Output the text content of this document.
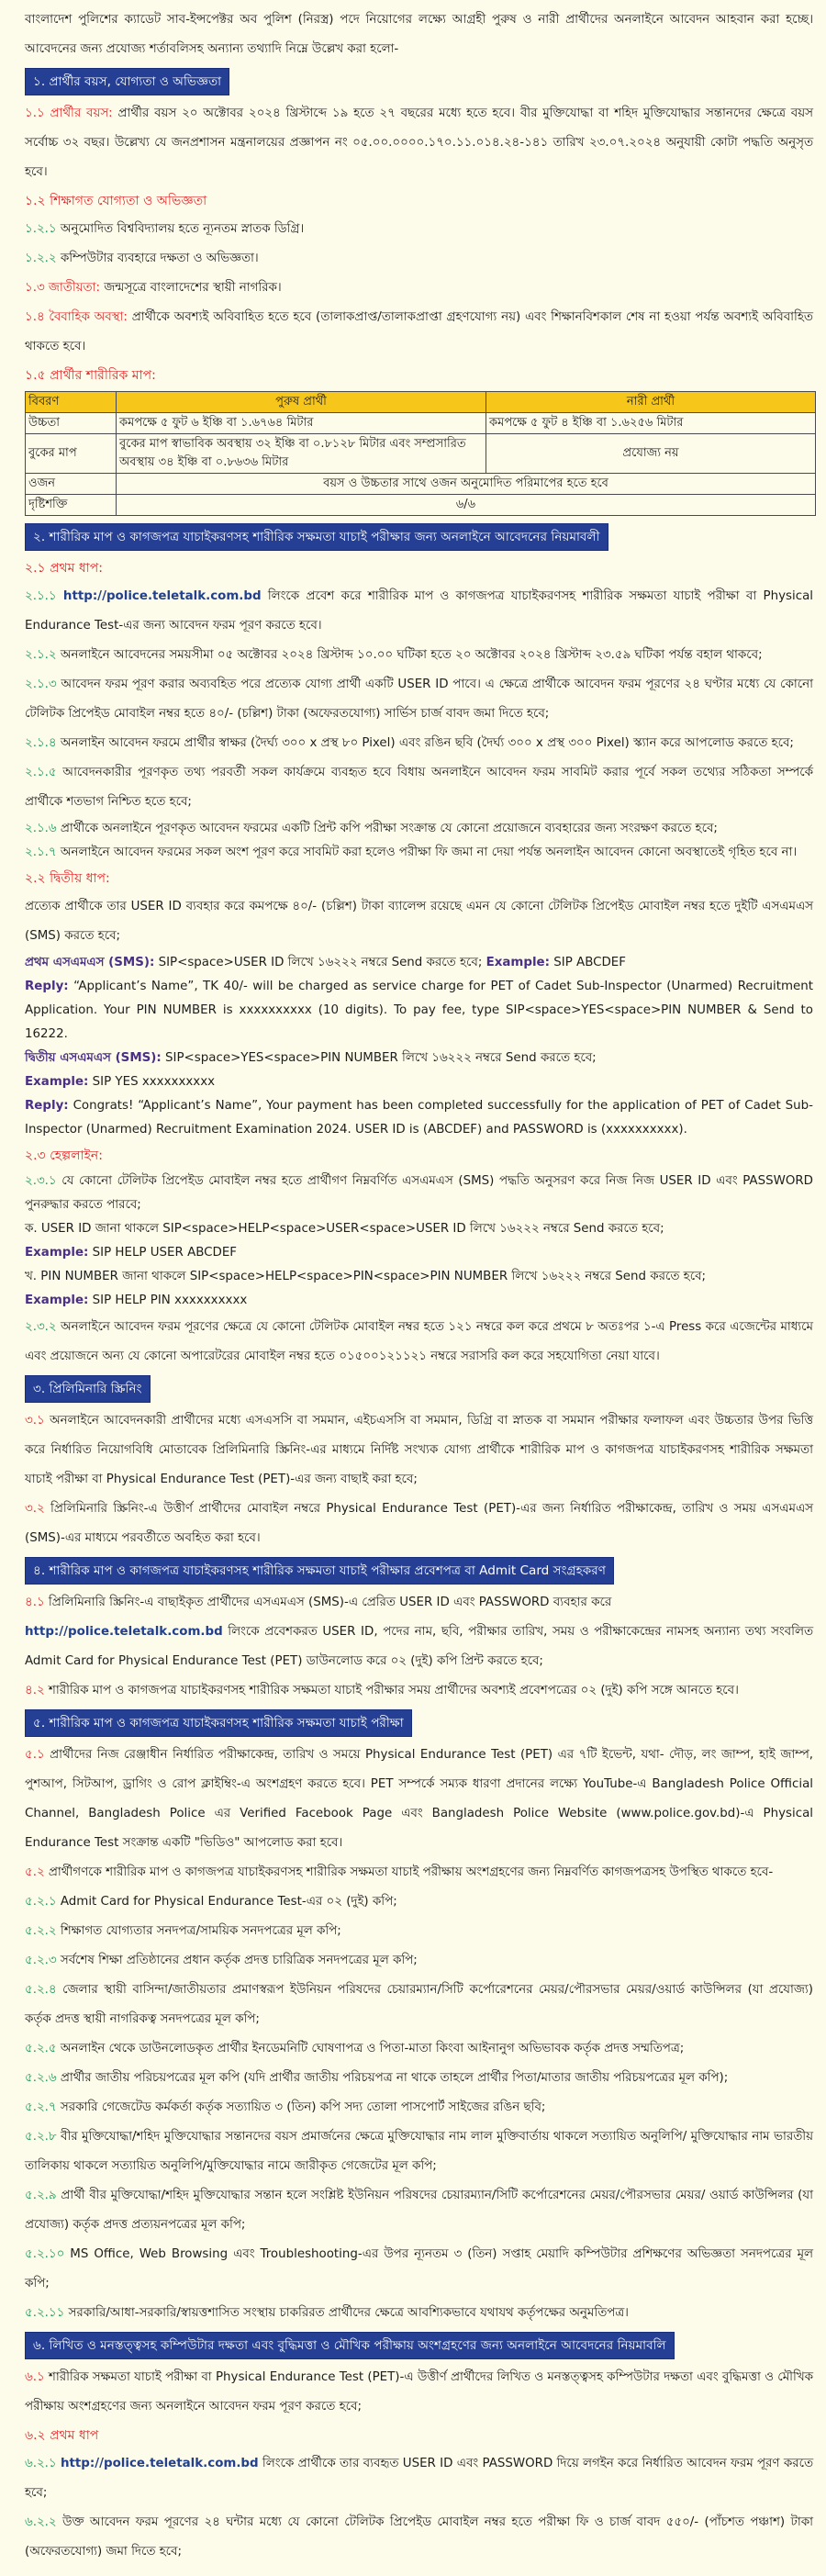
বাংলাদেশ পুলিশের ক্যাডেট সাব-ইন্সপেক্টর অব পুলিশ (নিরস্ত্র) পদে নিয়োগের লক্ষ্যে আগ্রহী পুরুষ ও নারী প্রার্থীদের অনলাইনে আবেদন আহবান করা হচ্ছে। আবেদনের জন্য প্রযোজ্য শর্তাবলিসহ অন্যান্য তথ্যাদি নিম্নে উল্লেখ করা হলো-

১. প্রার্থীর বয়স, যোগ্যতা ও অভিজ্ঞতা

১.১ প্রার্থীর বয়স: প্রার্থীর বয়স ২০ অক্টোবর ২০২৪ খ্রিস্টাব্দে ১৯ হতে ২৭ বছরের মধ্যে হতে হবে। বীর মুক্তিযোদ্ধা বা শহিদ মুক্তিযোদ্ধার সন্তানদের ক্ষেত্রে বয়স সর্বোচ্চ ৩২ বছর। উল্লেখ্য যে জনপ্রশাসন মন্ত্রনালয়ের প্রজ্ঞাপন নং ০৫.০০.০০০০.১৭০.১১.০১৪.২৪-১৪১ তারিখ ২৩.০৭.২০২৪ অনুযায়ী কোটা পদ্ধতি অনুসৃত হবে।

১.২ শিক্ষাগত যোগ্যতা ও অভিজ্ঞতা

১.২.১ অনুমোদিত বিশ্ববিদ্যালয় হতে ন্যূনতম স্নাতক ডিগ্রি।

১.২.২ কম্পিউটার ব্যবহারে দক্ষতা ও অভিজ্ঞতা।

১.৩ জাতীয়তা: জন্মসূত্রে বাংলাদেশের স্থায়ী নাগরিক।

১.৪ বৈবাহিক অবস্থা: প্রার্থীকে অবশ্যই অবিবাহিত হতে হবে (তালাকপ্রাপ্ত/তালাকপ্রাপ্তা গ্রহণযোগ্য নয়) এবং শিক্ষানবিশকাল শেষ না হওয়া পর্যন্ত অবশ্যই অবিবাহিত থাকতে হবে।

১.৫ প্রার্থীর শারীরিক মাপ:

বিবরণ	পুরুষ প্রার্থী	নারী প্রার্থী
উচ্চতা	কমপক্ষে ৫ ফুট ৬ ইঞ্চি বা ১.৬৭৬৪ মিটার	কমপক্ষে ৫ ফুট ৪ ইঞ্চি বা ১.৬২৫৬ মিটার
বুকের মাপ	বুকের মাপ স্বাভাবিক অবস্থায় ৩২ ইঞ্চি বা ০.৮১২৮ মিটার এবং সম্প্রসারিত অবস্থায় ৩৪ ইঞ্চি বা ০.৮৬৩৬ মিটার	প্রযোজ্য নয়
ওজন	বয়স ও উচ্চতার সাথে ওজন অনুমোদিত পরিমাপের হতে হবে	
দৃষ্টিশক্তি	৬/৬	
২. শারীরিক মাপ ও কাগজপত্র যাচাইকরণসহ শারীরিক সক্ষমতা যাচাই পরীক্ষার জন্য অনলাইনে আবেদনের নিয়মাবলী

২.১ প্রথম ধাপ:

২.১.১ http://police.teletalk.com.bd লিংকে প্রবেশ করে শারীরিক মাপ ও কাগজপত্র যাচাইকরণসহ শারীরিক সক্ষমতা যাচাই পরীক্ষা বা Physical Endurance Test-এর জন্য আবেদন ফরম পূরণ করতে হবে।

২.১.২ অনলাইনে আবেদনের সময়সীমা ০৫ অক্টোবর ২০২৪ খ্রিস্টাব্দ ১০.০০ ঘটিকা হতে ২০ অক্টোবর ২০২৪ খ্রিস্টাব্দ ২৩.৫৯ ঘটিকা পর্যন্ত বহাল থাকবে;

২.১.৩ আবেদন ফরম পূরণ করার অব্যবহিত পরে প্রত্যেক যোগ্য প্রার্থী একটি USER ID পাবে। এ ক্ষেত্রে প্রার্থীকে আবেদন ফরম পূরণের ২৪ ঘণ্টার মধ্যে যে কোনো টেলিটক প্রিপেইড মোবাইল নম্বর হতে ৪০/- (চল্লিশ) টাকা (অফেরতযোগ্য) সার্ভিস চার্জ বাবদ জমা দিতে হবে;

২.১.৪ অনলাইন আবেদন ফরমে প্রার্থীর স্বাক্ষর (দৈর্ঘ্য ৩০০ x প্রস্থ ৮০ Pixel) এবং রঙিন ছবি (দৈর্ঘ্য ৩০০ x প্রস্থ ৩০০ Pixel) স্ক্যান করে আপলোড করতে হবে;

২.১.৫ আবেদনকারীর পূরণকৃত তথ্য পরবর্তী সকল কার্যক্রমে ব্যবহৃত হবে বিধায় অনলাইনে আবেদন ফরম সাবমিট করার পূর্বে সকল তথ্যের সঠিকতা সম্পর্কে প্রার্থীকে শতভাগ নিশ্চিত হতে হবে;

২.১.৬ প্রার্থীকে অনলাইনে পূরণকৃত আবেদন ফরমের একটি প্রিন্ট কপি পরীক্ষা সংক্রান্ত যে কোনো প্রয়োজনে ব্যবহারের জন্য সংরক্ষণ করতে হবে;

২.১.৭ অনলাইনে আবেদন ফরমের সকল অংশ পূরণ করে সাবমিট করা হলেও পরীক্ষা ফি জমা না দেয়া পর্যন্ত অনলাইন আবেদন কোনো অবস্থাতেই গৃহিত হবে না।

২.২ দ্বিতীয় ধাপ:

প্রত্যেক প্রার্থীকে তার USER ID ব্যবহার করে কমপক্ষে ৪০/- (চল্লিশ) টাকা ব্যালেন্স রয়েছে এমন যে কোনো টেলিটক প্রিপেইড মোবাইল নম্বর হতে দুইটি এসএমএস (SMS) করতে হবে;

প্রথম এসএমএস (SMS): SIP<space>USER ID লিখে ১৬২২২ নম্বরে Send করতে হবে; Example: SIP ABCDEF

Reply: “Applicant’s Name”, TK 40/- will be charged as service charge for PET of Cadet Sub-Inspector (Unarmed) Recruitment Application. Your PIN NUMBER is xxxxxxxxxx (10 digits). To pay fee, type SIP<space>YES<space>PIN NUMBER & Send to 16222.

দ্বিতীয় এসএমএস (SMS): SIP<space>YES<space>PIN NUMBER লিখে ১৬২২২ নম্বরে Send করতে হবে;

Example: SIP YES xxxxxxxxxx

Reply: Congrats! “Applicant’s Name”, Your payment has been completed successfully for the application of PET of Cadet Sub-Inspector (Unarmed) Recruitment Examination 2024. USER ID is (ABCDEF) and PASSWORD is (xxxxxxxxxx).

২.৩ হেল্পলাইন:

২.৩.১ যে কোনো টেলিটক প্রিপেইড মোবাইল নম্বর হতে প্রার্থীগণ নিম্নবর্ণিত এসএমএস (SMS) পদ্ধতি অনুসরণ করে নিজ নিজ USER ID এবং PASSWORD পুনরুদ্ধার করতে পারবে;

ক. USER ID জানা থাকলে SIP<space>HELP<space>USER<space>USER ID লিখে ১৬২২২ নম্বরে Send করতে হবে;

Example: SIP HELP USER ABCDEF

খ. PIN NUMBER জানা থাকলে SIP<space>HELP<space>PIN<space>PIN NUMBER লিখে ১৬২২২ নম্বরে Send করতে হবে;

Example: SIP HELP PIN xxxxxxxxxx

২.৩.২ অনলাইনে আবেদন ফরম পূরণের ক্ষেত্রে যে কোনো টেলিটক মোবাইল নম্বর হতে ১২১ নম্বরে কল করে প্রথমে ৮ অতঃপর ১-এ Press করে এজেন্টের মাধ্যমে এবং প্রয়োজনে অন্য যে কোনো অপারেটরের মোবাইল নম্বর হতে ০১৫০০১২১১২১ নম্বরে সরাসরি কল করে সহযোগিতা নেয়া যাবে।

৩. প্রিলিমিনারি স্ক্রিনিং

৩.১ অনলাইনে আবেদনকারী প্রার্থীদের মধ্যে এসএসসি বা সমমান, এইচএসসি বা সমমান, ডিগ্রি বা স্নাতক বা সমমান পরীক্ষার ফলাফল এবং উচ্চতার উপর ভিত্তি করে নির্ধারিত নিয়োগবিধি মোতাবেক প্রিলিমিনারি স্ক্রিনিং-এর মাধ্যমে নির্দিষ্ট সংখ্যক যোগ্য প্রার্থীকে শারীরিক মাপ ও কাগজপত্র যাচাইকরণসহ শারীরিক সক্ষমতা যাচাই পরীক্ষা বা Physical Endurance Test (PET)-এর জন্য বাছাই করা হবে;

৩.২ প্রিলিমিনারি স্ক্রিনিং-এ উত্তীর্ণ প্রার্থীদের মোবাইল নম্বরে Physical Endurance Test (PET)-এর জন্য নির্ধারিত পরীক্ষাকেন্দ্র, তারিখ ও সময় এসএমএস (SMS)-এর মাধ্যমে পরবর্তীতে অবহিত করা হবে।

৪. শারীরিক মাপ ও কাগজপত্র যাচাইকরণসহ শারীরিক সক্ষমতা যাচাই পরীক্ষার প্রবেশপত্র বা Admit Card সংগ্রহকরণ

৪.১ প্রিলিমিনারি স্ক্রিনিং-এ বাছাইকৃত প্রার্থীদের এসএমএস (SMS)-এ প্রেরিত USER ID এবং PASSWORD ব্যবহার করে
http://police.teletalk.com.bd লিংকে প্রবেশকরত USER ID, পদের নাম, ছবি, পরীক্ষার তারিখ, সময় ও পরীক্ষাকেন্দ্রের নামসহ অন্যান্য তথ্য সংবলিত Admit Card for Physical Endurance Test (PET) ডাউনলোড করে ০২ (দুই) কপি প্রিন্ট করতে হবে;

৪.২ শারীরিক মাপ ও কাগজপত্র যাচাইকরণসহ শারীরিক সক্ষমতা যাচাই পরীক্ষার সময় প্রার্থীদের অবশ্যই প্রবেশপত্রের ০২ (দুই) কপি সঙ্গে আনতে হবে।

৫. শারীরিক মাপ ও কাগজপত্র যাচাইকরণসহ শারীরিক সক্ষমতা যাচাই পরীক্ষা

৫.১ প্রার্থীদের নিজ রেঞ্জাধীন নির্ধারিত পরীক্ষাকেন্দ্র, তারিখ ও সময়ে Physical Endurance Test (PET) এর ৭টি ইভেন্ট, যথা- দৌড়, লং জাম্প, হাই জাম্প, পুশআপ, সিটআপ, ড্রাগিং ও রোপ ক্লাইম্বিং-এ অংশগ্রহণ করতে হবে। PET সম্পর্কে সম্যক ধারণা প্রদানের লক্ষ্যে YouTube-এ Bangladesh Police Official Channel, Bangladesh Police এর Verified Facebook Page এবং Bangladesh Police Website (www.police.gov.bd)-এ Physical Endurance Test সংক্রান্ত একটি "ভিডিও" আপলোড করা হবে।

৫.২ প্রার্থীগণকে শারীরিক মাপ ও কাগজপত্র যাচাইকরণসহ শারীরিক সক্ষমতা যাচাই পরীক্ষায় অংশগ্রহণের জন্য নিম্নবর্ণিত কাগজপত্রসহ উপস্থিত থাকতে হবে-

৫.২.১ Admit Card for Physical Endurance Test-এর ০২ (দুই) কপি;

৫.২.২ শিক্ষাগত যোগ্যতার সনদপত্র/সাময়িক সনদপত্রের মূল কপি;

৫.২.৩ সর্বশেষ শিক্ষা প্রতিষ্ঠানের প্রধান কর্তৃক প্রদত্ত চারিত্রিক সনদপত্রের মূল কপি;

৫.২.৪ জেলার স্থায়ী বাসিন্দা/জাতীয়তার প্রমাণস্বরূপ ইউনিয়ন পরিষদের চেয়ারম্যান/সিটি কর্পোরেশনের মেয়র/পৌরসভার মেয়র/ওয়ার্ড কাউন্সিলর (যা প্রযোজ্য) কর্তৃক প্রদত্ত স্থায়ী নাগরিকত্ব সনদপত্রের মূল কপি;

৫.২.৫ অনলাইন থেকে ডাউনলোডকৃত প্রার্থীর ইনডেমনিটি ঘোষণাপত্র ও পিতা-মাতা কিংবা আইনানুগ অভিভাবক কর্তৃক প্রদত্ত সম্মতিপত্র;

৫.২.৬ প্রার্থীর জাতীয় পরিচয়পত্রের মূল কপি (যদি প্রার্থীর জাতীয় পরিচয়পত্র না থাকে তাহলে প্রার্থীর পিতা/মাতার জাতীয় পরিচয়পত্রের মূল কপি);

৫.২.৭ সরকারি গেজেটেড কর্মকর্তা কর্তৃক সত্যায়িত ৩ (তিন) কপি সদ্য তোলা পাসপোর্ট সাইজের রঙিন ছবি;

৫.২.৮ বীর মুক্তিযোদ্ধা/শহিদ মুক্তিযোদ্ধার সন্তানদের বয়স প্রমার্জনের ক্ষেত্রে মুক্তিযোদ্ধার নাম লাল মুক্তিবার্তায় থাকলে সত্যায়িত অনুলিপি/ মুক্তিযোদ্ধার নাম ভারতীয় তালিকায় থাকলে সত্যায়িত অনুলিপি/মুক্তিযোদ্ধার নামে জারীকৃত গেজেটের মূল কপি;

৫.২.৯ প্রার্থী বীর মুক্তিযোদ্ধা/শহিদ মুক্তিযোদ্ধার সন্তান হলে সংশ্লিষ্ট ইউনিয়ন পরিষদের চেয়ারম্যান/সিটি কর্পোরেশনের মেয়র/পৌরসভার মেয়র/ ওয়ার্ড কাউন্সিলর (যা প্রযোজ্য) কর্তৃক প্রদত্ত প্রত্যয়নপত্রের মূল কপি;

৫.২.১০ MS Office, Web Browsing এবং Troubleshooting-এর উপর ন্যূনতম ৩ (তিন) সপ্তাহ মেয়াদি কম্পিউটার প্রশিক্ষণের অভিজ্ঞতা সনদপত্রের মূল কপি;

৫.২.১১ সরকারি/আধা-সরকারি/স্বায়ত্তশাসিত সংস্থায় চাকরিরত প্রার্থীদের ক্ষেত্রে আবশ্যিকভাবে যথাযথ কর্তৃপক্ষের অনুমতিপত্র।

৬. লিখিত ও মনস্তত্ত্বসহ কম্পিউটার দক্ষতা এবং বুদ্ধিমত্তা ও মৌখিক পরীক্ষায় অংশগ্রহণের জন্য অনলাইনে আবেদনের নিয়মাবলি

৬.১ শারীরিক সক্ষমতা যাচাই পরীক্ষা বা Physical Endurance Test (PET)-এ উত্তীর্ণ প্রার্থীদের লিখিত ও মনস্তত্ত্বসহ কম্পিউটার দক্ষতা এবং বুদ্ধিমত্তা ও মৌখিক পরীক্ষায় অংশগ্রহণের জন্য অনলাইনে আবেদন ফরম পূরণ করতে হবে;

৬.২ প্রথম ধাপ

৬.২.১ http://police.teletalk.com.bd লিংকে প্রার্থীকে তার ব্যবহৃত USER ID এবং PASSWORD দিয়ে লগইন করে নির্ধারিত আবেদন ফরম পূরণ করতে হবে;

৬.২.২ উক্ত আবেদন ফরম পূরণের ২৪ ঘন্টার মধ্যে যে কোনো টেলিটক প্রিপেইড মোবাইল নম্বর হতে পরীক্ষা ফি ও চার্জ বাবদ ৫৫০/- (পাঁচশত পঞ্চাশ) টাকা (অফেরতযোগ্য) জমা দিতে হবে;
